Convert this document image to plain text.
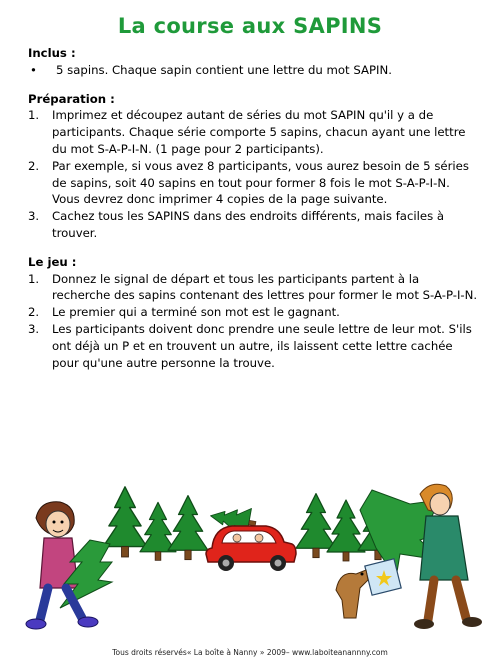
La course aux SAPINS

Inclus :

• 5 sapins. Chaque sapin contient une lettre du mot SAPIN.

Préparation :

1.	Imprimez et découpez autant de séries du mot SAPIN qu'il y a de participants. Chaque série comporte 5 sapins, chacun ayant une lettre du mot S-A-P-I-N. (1 page pour 2 participants).
2.	Par exemple, si vous avez 8 participants, vous aurez besoin de 5 séries de sapins, soit 40 sapins en tout pour former 8 fois le mot S-A-P-I-N. Vous devrez donc imprimer 4 copies de la page suivante.
3.	Cachez tous les SAPINS dans des endroits différents, mais faciles à trouver.

Le jeu :

1.	Donnez le signal de départ et tous les participants partent à la recherche des sapins contenant des lettres pour former le mot S-A-P-I-N.
2.	Le premier qui a terminé son mot est le gagnant.
3.	Les participants doivent donc prendre une seule lettre de leur mot. S'ils ont déjà un P et en trouvent un autre, ils laissent cette lettre cachée pour qu'une autre personne la trouve.
Tous droits réservés« La boîte à Nanny » 2009– www.laboiteanannny.com
